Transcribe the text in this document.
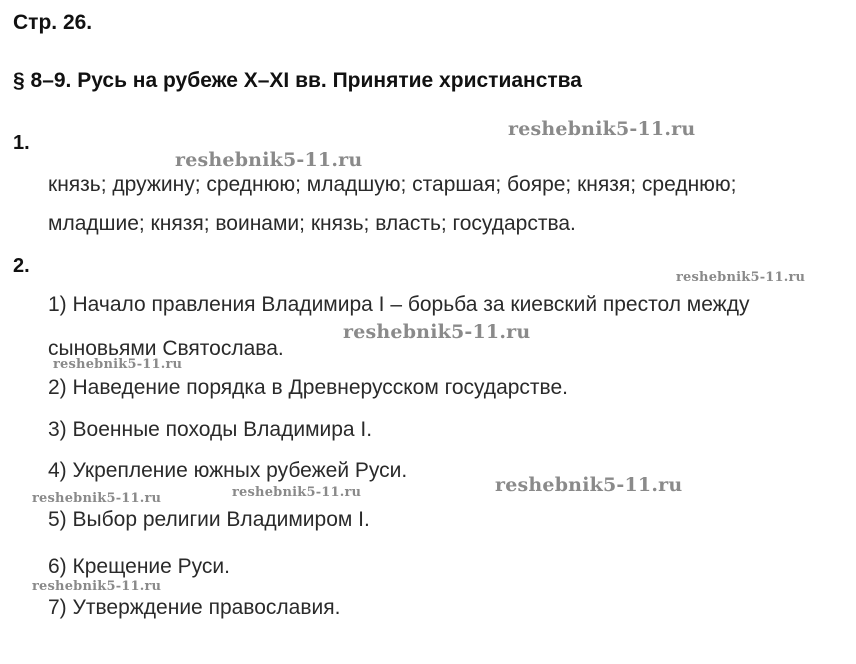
Стр. 26.
§ 8–9. Русь на рубеже X–XI вв. Принятие христианства
1.
князь; дружину; среднюю; младшую; старшая; бояре; князя; среднюю;
младшие; князя; воинами; князь; власть; государства.
2.
1) Начало правления Владимира I – борьба за киевский престол между
сыновьями Святослава.
2) Наведение порядка в Древнерусском государстве.
3) Военные походы Владимира I.
4) Укрепление южных рубежей Руси.
5) Выбор религии Владимиром I.
6) Крещение Руси.
7) Утверждение православия.
reshebnik5-11.ru
reshebnik5-11.ru
reshebnik5-11.ru
reshebnik5-11.ru
reshebnik5-11.ru
reshebnik5-11.ru
reshebnik5-11.ru
reshebnik5-11.ru
reshebnik5-11.ru
